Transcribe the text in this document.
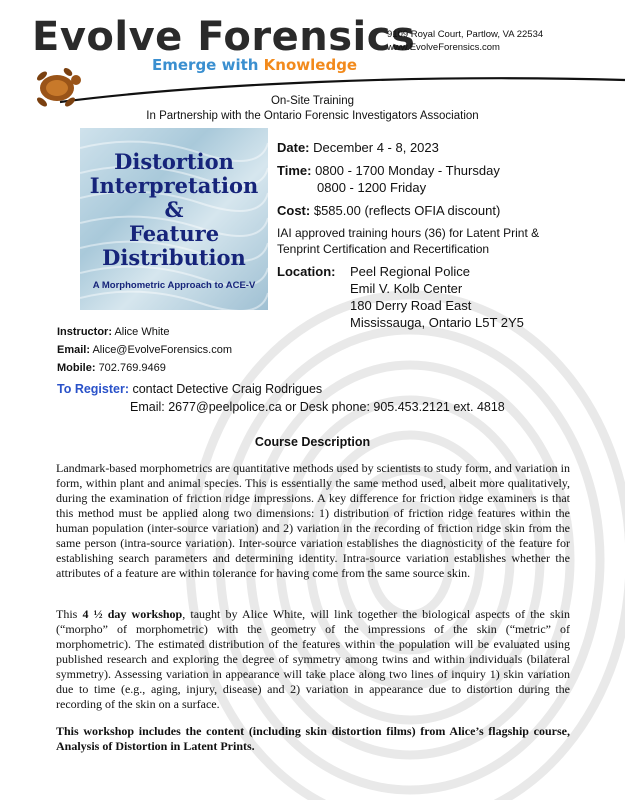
Evolve Forensics
Emerge with Knowledge
9109 Royal Court, Partlow, VA 22534
www.EvolveForensics.com
On-Site Training
In Partnership with the Ontario Forensic Investigators Association
Distortion
Interpretation
&
Feature
Distribution
A Morphometric Approach to ACE-V
Date: December 4 - 8, 2023
Time: 0800 - 1700 Monday - Thursday
0800 - 1200 Friday
Cost: $585.00 (reflects OFIA discount)
IAI approved training hours (36) for Latent Print &
Tenprint Certification and Recertification
Location: Peel Regional Police
Emil V. Kolb Center
180 Derry Road East
Mississauga, Ontario L5T 2Y5
Instructor: Alice White
Email: Alice@EvolveForensics.com
Mobile: 702.769.9469
To Register: contact Detective Craig Rodrigues
Email: 2677@peelpolice.ca or Desk phone: 905.453.2121 ext. 4818
Course Description
Landmark-based morphometrics are quantitative methods used by scientists to study form, and variation in form, within plant and animal species. This is essentially the same method used, albeit more qualitatively, during the examination of friction ridge impressions. A key difference for friction ridge examiners is that this method must be applied along two dimensions: 1) distribution of friction ridge features within the human population (inter-source variation) and 2) variation in the recording of friction ridge skin from the same person (intra-source variation). Inter-source variation establishes the diagnosticity of the feature for establishing search parameters and determining identity. Intra-source variation establishes whether the attributes of a feature are within tolerance for having come from the same source skin.
This 4 ½ day workshop, taught by Alice White, will link together the biological aspects of the skin (“morpho” of morphometric) with the geometry of the impressions of the skin (“metric” of morphometric). The estimated distribution of the features within the population will be evaluated using published research and exploring the degree of symmetry among twins and within individuals (bilateral symmetry). Assessing variation in appearance will take place along two lines of inquiry 1) skin variation due to time (e.g., aging, injury, disease) and 2) variation in appearance due to distortion during the recording of the skin on a surface.
This workshop includes the content (including skin distortion films) from Alice’s flagship course, Analysis of Distortion in Latent Prints.
